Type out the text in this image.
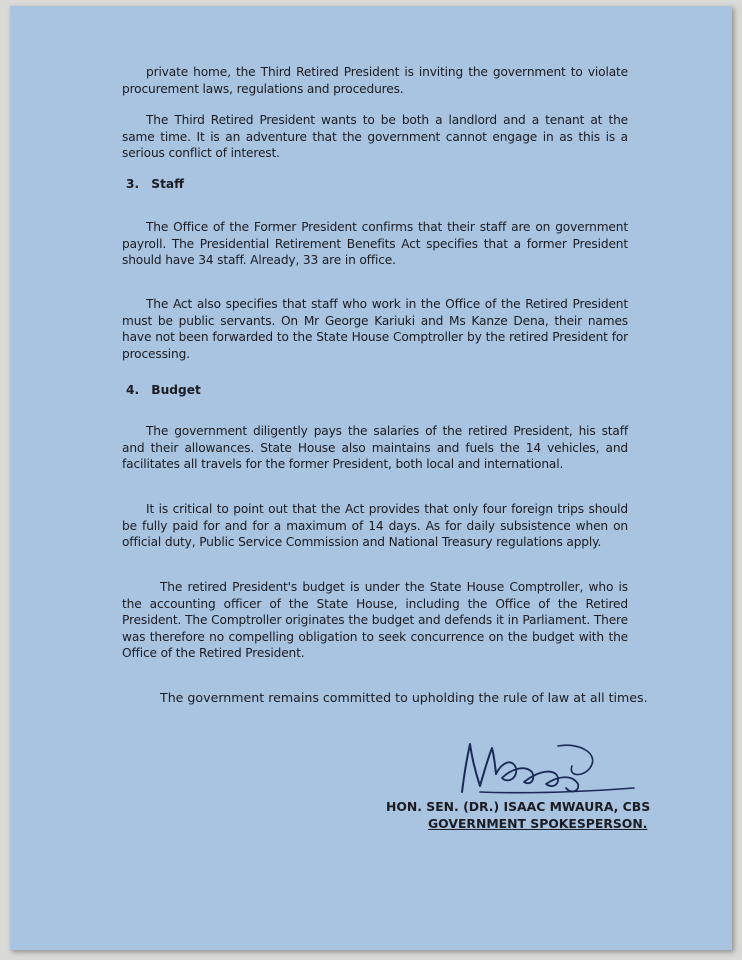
private home, the Third Retired President is inviting the government to violate procurement laws, regulations and procedures.
The Third Retired President wants to be both a landlord and a tenant at the same time. It is an adventure that the government cannot engage in as this is a serious conflict of interest.
3. Staff
The Office of the Former President confirms that their staff are on government payroll. The Presidential Retirement Benefits Act specifies that a former President should have 34 staff. Already, 33 are in office.
The Act also specifies that staff who work in the Office of the Retired President must be public servants. On Mr George Kariuki and Ms Kanze Dena, their names have not been forwarded to the State House Comptroller by the retired President for processing.
4. Budget
The government diligently pays the salaries of the retired President, his staff and their allowances. State House also maintains and fuels the 14 vehicles, and facilitates all travels for the former President, both local and international.
It is critical to point out that the Act provides that only four foreign trips should be fully paid for and for a maximum of 14 days. As for daily subsistence when on official duty, Public Service Commission and National Treasury regulations apply.
The retired President's budget is under the State House Comptroller, who is the accounting officer of the State House, including the Office of the Retired President. The Comptroller originates the budget and defends it in Parliament. There was therefore no compelling obligation to seek concurrence on the budget with the Office of the Retired President.
The government remains committed to upholding the rule of law at all times.
HON. SEN. (DR.) ISAAC MWAURA, CBS
GOVERNMENT SPOKESPERSON.
